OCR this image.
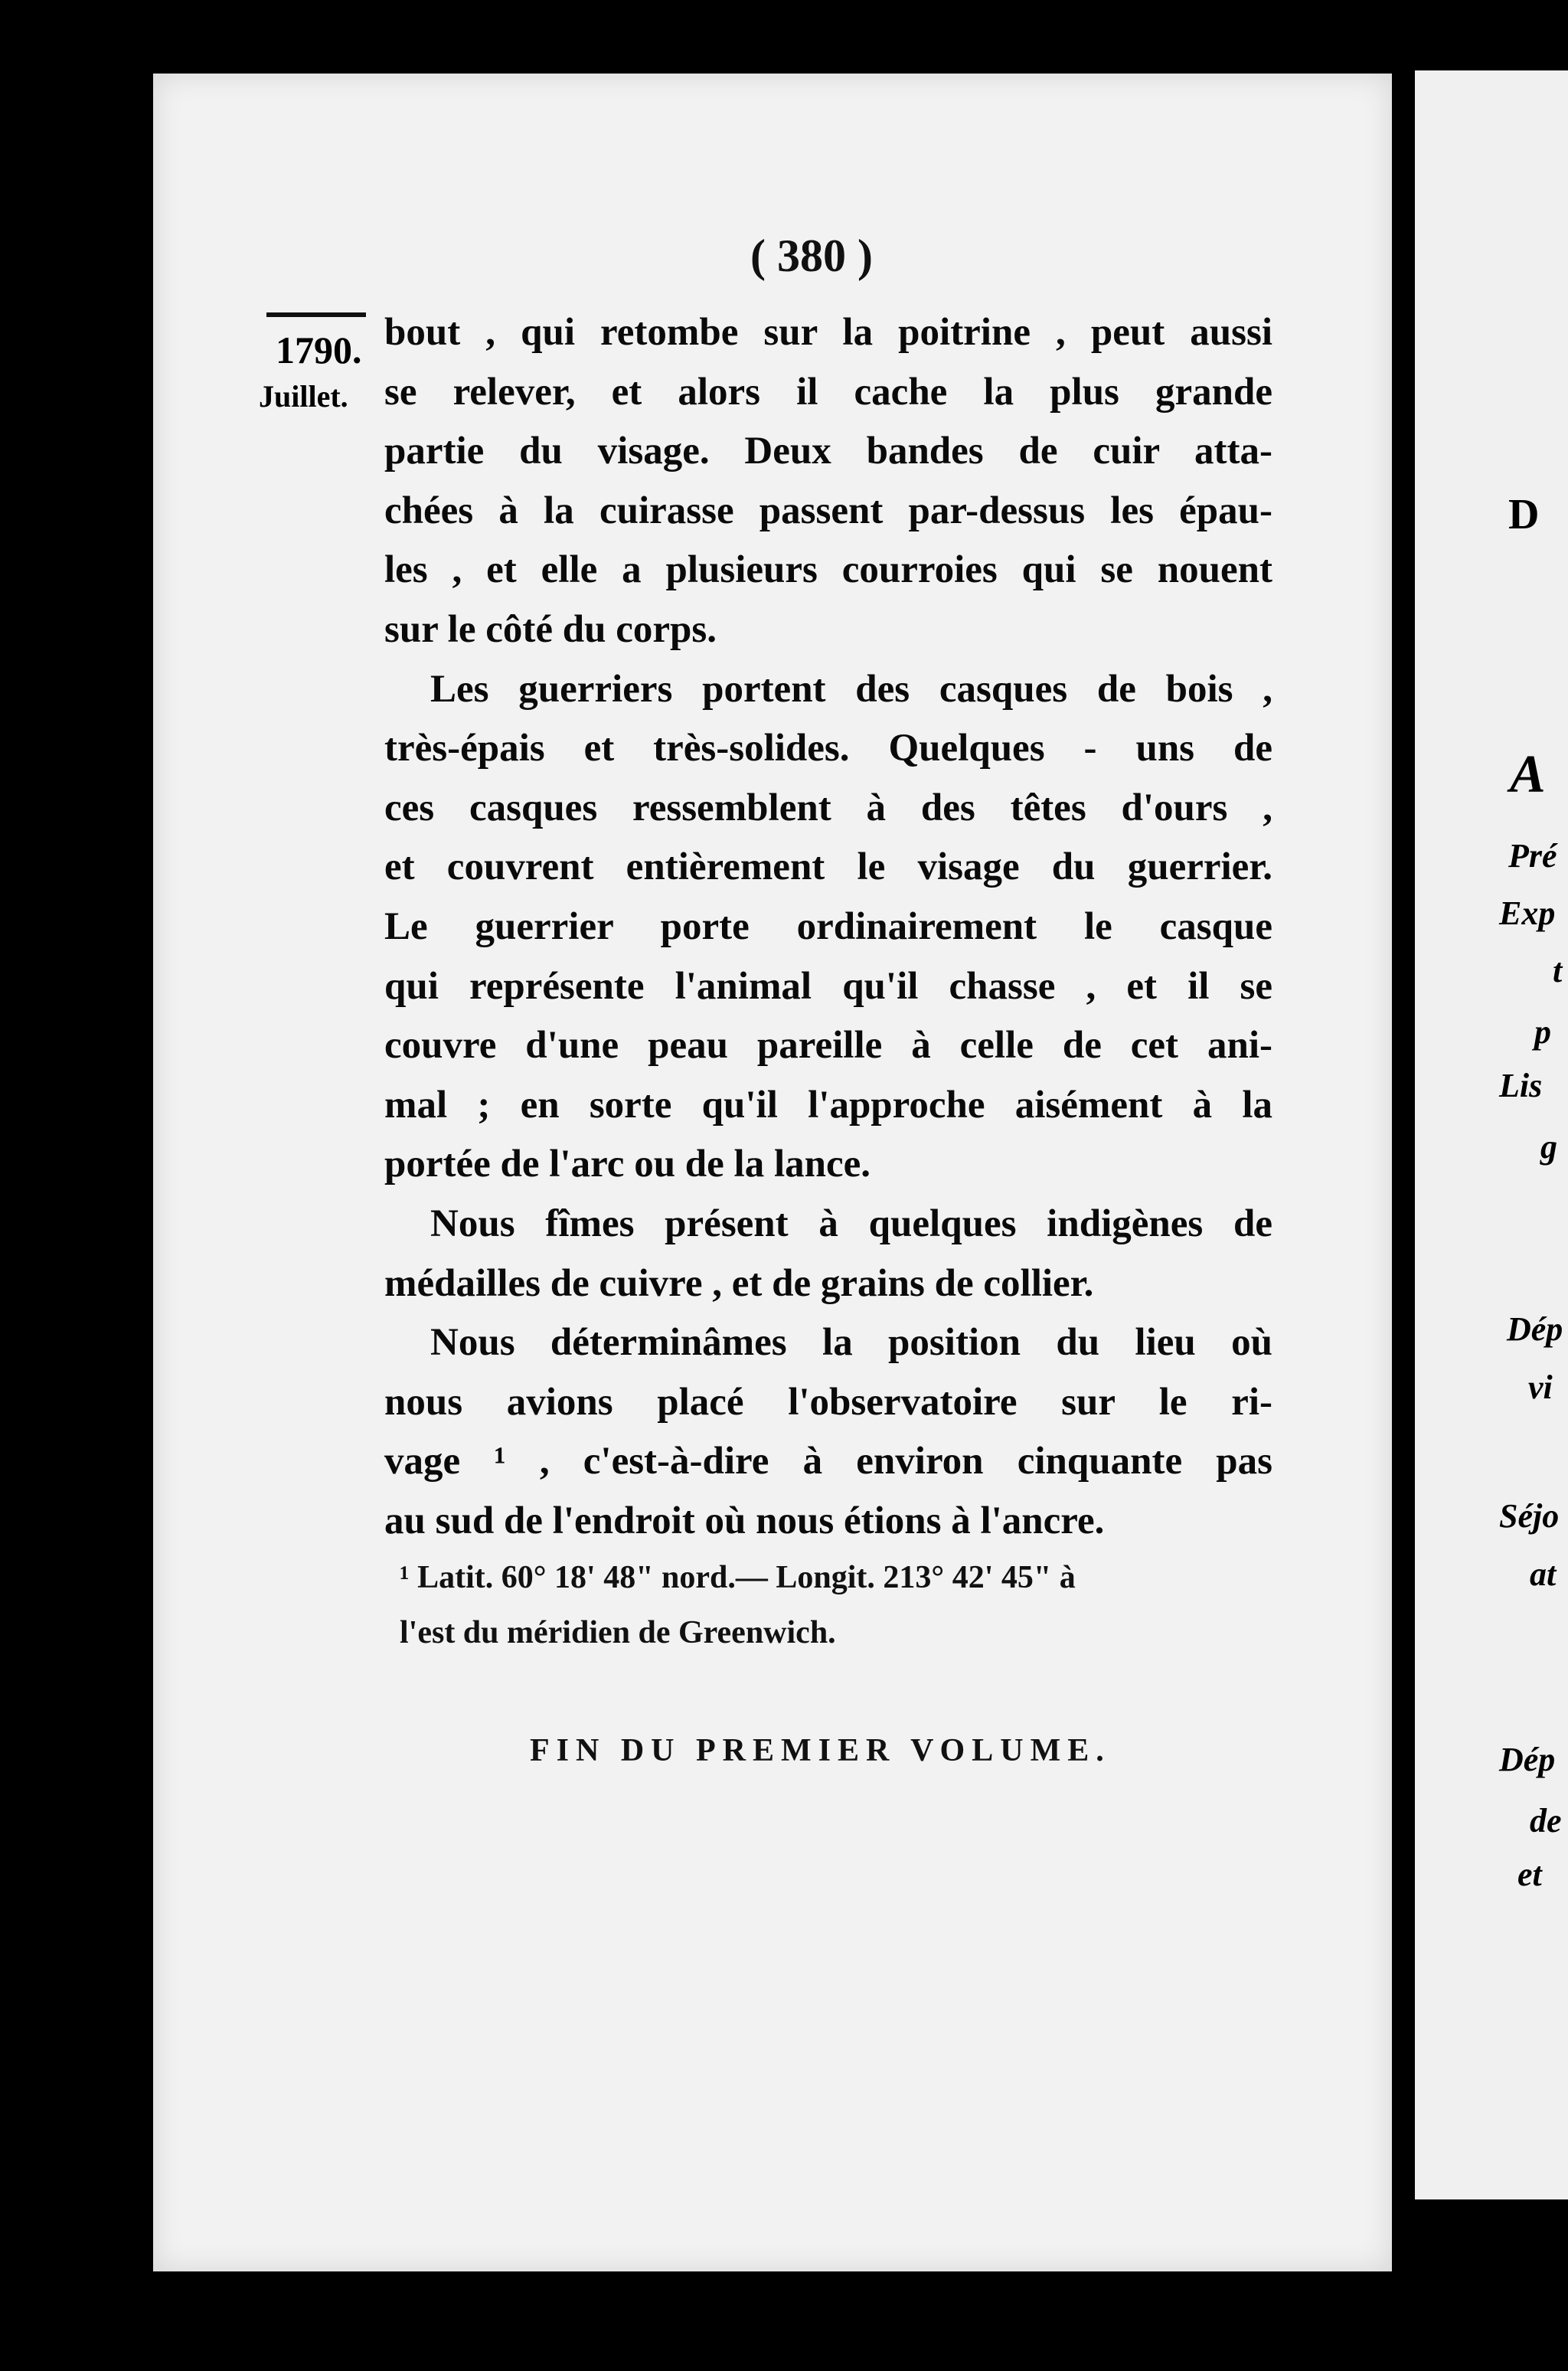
D
A
Pré
Exp
t
p
Lis
g
Dép
vi
Séjo
at
Dép
de
et
( 380 )
1790.
Juillet.
bout , qui retombe sur la poitrine , peut aussi
se relever, et alors il cache la plus grande
partie du visage. Deux bandes de cuir atta-
chées à la cuirasse passent par-dessus les épau-
les , et elle a plusieurs courroies qui se nouent
sur le côté du corps.
Les guerriers portent des casques de bois ,
très-épais et très-solides. Quelques - uns de
ces casques ressemblent à des têtes d'ours ,
et couvrent entièrement le visage du guerrier.
Le guerrier porte ordinairement le casque
qui représente l'animal qu'il chasse , et il se
couvre d'une peau pareille à celle de cet ani-
mal ; en sorte qu'il l'approche aisément à la
portée de l'arc ou de la lance.
Nous fîmes présent à quelques indigènes de
médailles de cuivre , et de grains de collier.
Nous déterminâmes la position du lieu où
nous avions placé l'observatoire sur le ri-
vage ¹ , c'est-à-dire à environ cinquante pas
au sud de l'endroit où nous étions à l'ancre.
¹ Latit. 60° 18' 48" nord.— Longit. 213° 42' 45" à
l'est du méridien de Greenwich.
FIN DU PREMIER VOLUME.
